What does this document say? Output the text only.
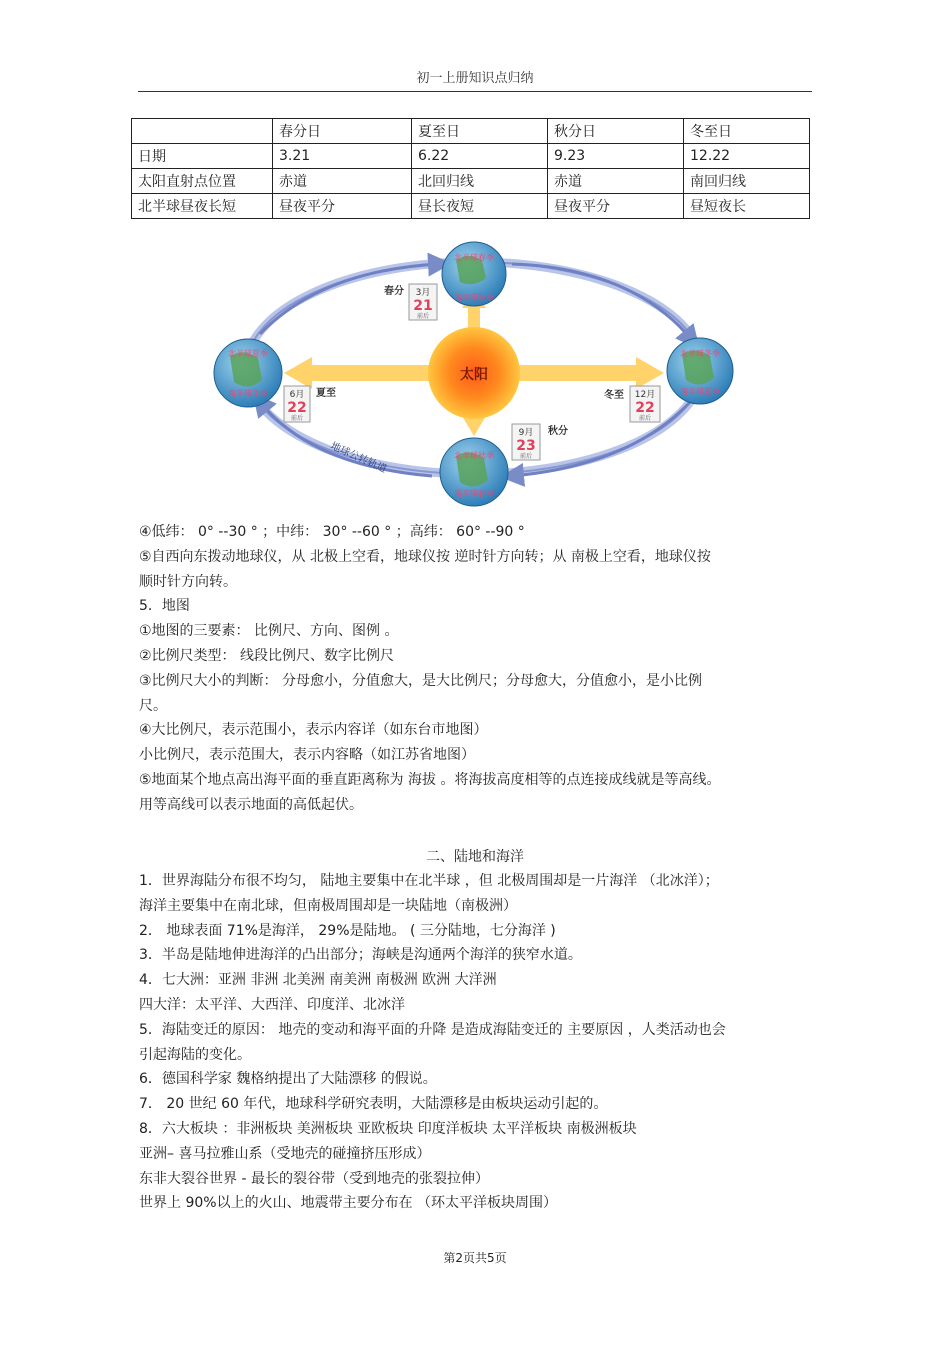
初一上册知识点归纳
	春分日	夏至日	秋分日	冬至日
日期	3.21	6.22	9.23	12.22
太阳直射点位置	赤道	北回归线	赤道	南回归线
北半球昼夜长短	昼夜平分	昼长夜短	昼夜平分	昼短夜长
太阳
地球公转轨道
北半球春季
南半球秋季
北半球夏季
南半球冬季
北半球秋季
南半球春季
北半球冬季
南半球夏季
春分 3月
21
前后
6月
22
前后
夏至
9月
23
前后
秋分
冬至 12月
22
前后

④低纬： 0° --30 ° ；中纬： 30° --60 ° ；高纬： 60° --90 °

⑤自西向东拨动地球仪，从 北极上空看，地球仪按 逆时针方向转；从 南极上空看，地球仪按

顺时针方向转。

5．地图

①地图的三要素： 比例尺、方向、图例 。

②比例尺类型： 线段比例尺、数字比例尺

③比例尺大小的判断： 分母愈小，分值愈大，是大比例尺；分母愈大，分值愈小，是小比例

尺。

④大比例尺，表示范围小，表示内容详（如东台市地图）

小比例尺，表示范围大，表示内容略（如江苏省地图）

⑤地面某个地点高出海平面的垂直距离称为 海拔 。将海拔高度相等的点连接成线就是等高线。

用等高线可以表示地面的高低起伏。

二、陆地和海洋

1．世界海陆分布很不均匀， 陆地主要集中在北半球 ，但 北极周围却是一片海洋 （北冰洋）；

海洋主要集中在南北球，但南极周围却是一块陆地（南极洲）

2． 地球表面 71%是海洋， 29%是陆地。 ( 三分陆地，七分海洋 )

3．半岛是陆地伸进海洋的凸出部分；海峡是沟通两个海洋的狭窄水道。

4．七大洲：亚洲 非洲 北美洲 南美洲 南极洲 欧洲 大洋洲

四大洋：太平洋、大西洋、印度洋、北冰洋

5．海陆变迁的原因： 地壳的变动和海平面的升降 是造成海陆变迁的 主要原因 ，人类活动也会

引起海陆的变化。

6．德国科学家 魏格纳提出了大陆漂移 的假说。

7． 20 世纪 60 年代，地球科学研究表明，大陆漂移是由板块运动引起的。

8．六大板块 ：非洲板块 美洲板块 亚欧板块 印度洋板块 太平洋板块 南极洲板块

亚洲– 喜马拉雅山系（受地壳的碰撞挤压形成）

东非大裂谷世界 - 最长的裂谷带（受到地壳的张裂拉伸）

世界上 90%以上的火山、地震带主要分布在 （环太平洋板块周围）

第2页共5页
